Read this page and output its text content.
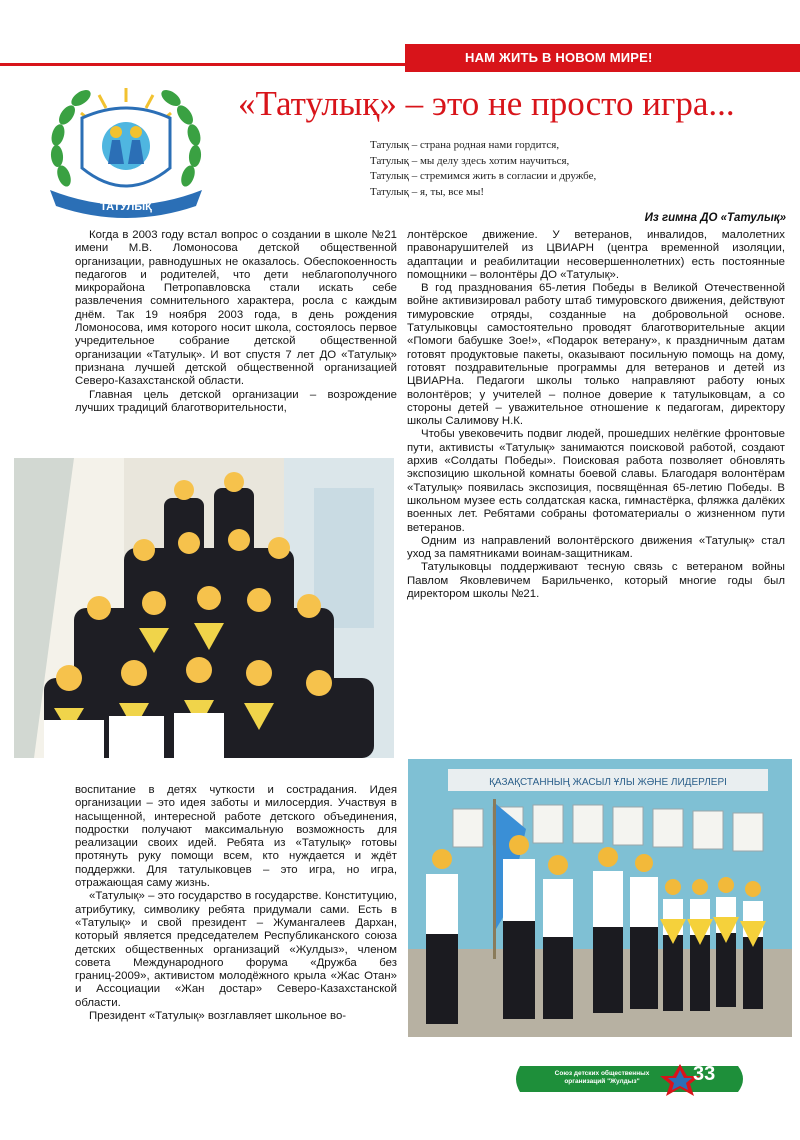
НАМ ЖИТЬ В НОВОМ МИРЕ!
ТАТУЛЫҚ
«Татулық» – это не просто игра...
Татулық – страна родная нами гордится,
Татулық – мы делу здесь хотим научиться,
Татулық – стремимся жить в согласии и дружбе,
Татулық – я, ты, все мы!
Из гимна ДО «Татулық»

Когда в 2003 году встал вопрос о создании в школе №21 имени М.В. Ломоносова детской общественной организации, равнодушных не оказалось. Обеспокоенность педагогов и родителей, что дети неблагополучного микрорайона Петропавловска стали искать себе развлечения сомнительного характера, росла с каждым днём. Так 19 ноября 2003 года, в день рождения Ломоносова, имя которого носит школа, состоялось первое учредительное собрание детской общественной организации «Татулық». И вот спустя 7 лет ДО «Татулық» признана лучшей детской общественной организацией Северо-Казахстанской области.

Главная цель детской организации – возрождение лучших традиций благотворительности,

лонтёрское движение. У ветеранов, инвалидов, малолетних правонарушителей из ЦВИАРН (центра временной изоляции, адаптации и реабилитации несовершеннолетних) есть постоянные помощники – волонтёры ДО «Татулық».

В год празднования 65-летия Победы в Великой Отечественной войне активизировал работу штаб тимуровского движения, действуют тимуровские отряды, созданные на добровольной основе. Татулыковцы самостоятельно проводят благотворительные акции «Помоги бабушке Зое!», «Подарок ветерану», к праздничным датам готовят продуктовые пакеты, оказывают посильную помощь на дому, готовят поздравительные программы для ветеранов и детей из ЦВИАРНа. Педагоги школы только направляют работу юных волонтёров; у учителей – полное доверие к татулыковцам, а со стороны детей – уважительное отношение к педагогам, директору школы Салимову Н.К.

Чтобы увековечить подвиг людей, прошедших нелёгкие фронтовые пути, активисты «Татулық» занимаются поисковой работой, создают архив «Солдаты Победы». Поисковая работа позволяет обновлять экспозицию школьной комнаты боевой славы. Благодаря волонтёрам «Татулық» появилась экспозиция, посвящённая 65-летию Победы. В школьном музее есть солдатская каска, гимнастёрка, фляжка далёких военных лет. Ребятами собраны фотоматериалы о жизненном пути ветеранов.

Одним из направлений волонтёрского движения «Татулық» стал уход за памятниками воинам-защитникам.

Татулыковцы поддерживают тесную связь с ветераном войны Павлом Яковлевичем Барильченко, который многие годы был директором школы №21.

воспитание в детях чуткости и сострадания. Идея организации – это идея заботы и милосердия. Участвуя в насыщенной, интересной работе детского объединения, подростки получают максимальную возможность для реализации своих идей. Ребята из «Татулық» готовы протянуть руку помощи всем, кто нуждается и ждёт поддержки. Для татулыковцев – это игра, но игра, отражающая саму жизнь.

«Татулық» – это государство в государстве. Конституцию, атрибутику, символику ребята придумали сами. Есть в «Татулық» и свой президент – Жумангалеев Дархан, который является председателем Республиканского союза детских общественных организаций «Жулдыз», членом совета Международного форума «Дружба без границ-2009», активистом молодёжного крыла «Жас Отан» и Ассоциации «Жан достар» Северо-Казахстанской области.

Президент «Татулық» возглавляет школьное во-

ҚАЗАҚСТАННЫҢ ЖАСЫЛ ҰЛЫ ЖӘНЕ ЛИДЕРЛЕРІ
Союз детских общественных
организаций "Жулдыз"	33
